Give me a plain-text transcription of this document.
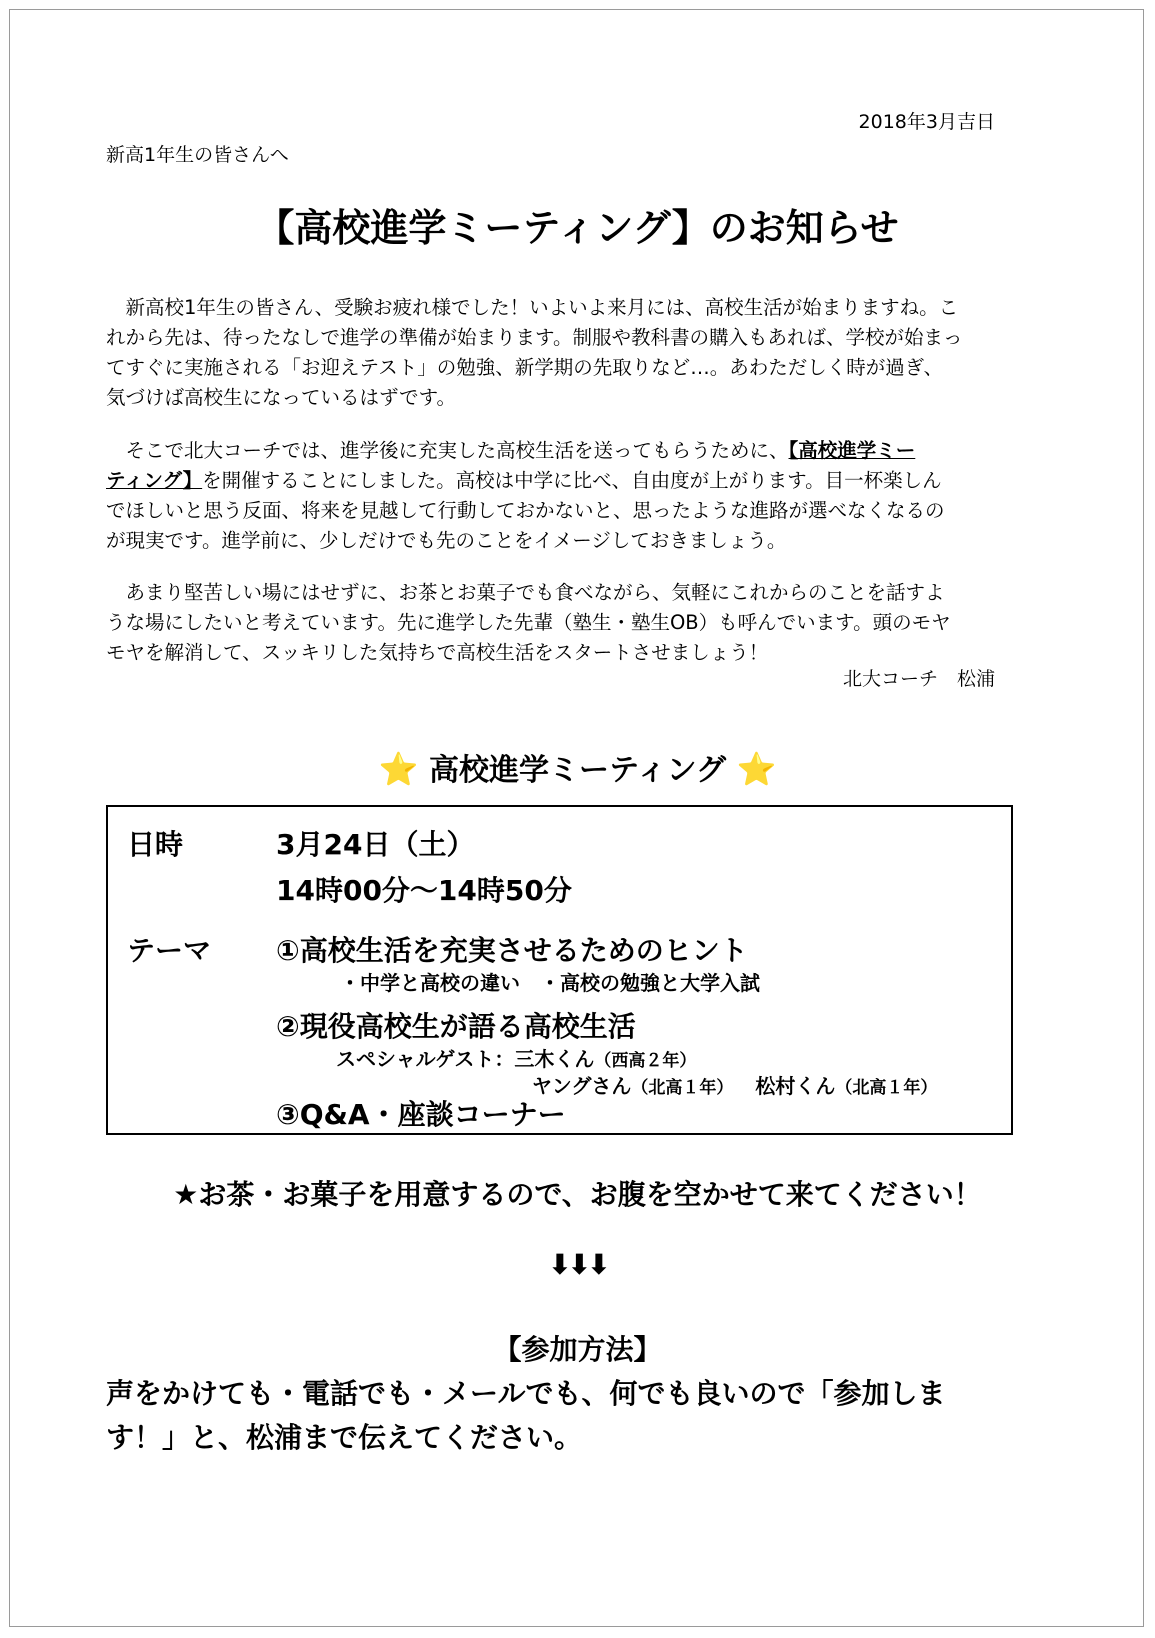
2018年3月吉日
新高1年生の皆さんへ
【高校進学ミーティング】のお知らせ
　新高校1年生の皆さん、受験お疲れ様でした！いよいよ来月には、高校生活が始まりますね。こ
れから先は、待ったなしで進学の準備が始まります。制服や教科書の購入もあれば、学校が始まっ
てすぐに実施される「お迎えテスト」の勉強、新学期の先取りなど…。あわただしく時が過ぎ、
気づけば高校生になっているはずです。
　そこで北大コーチでは、進学後に充実した高校生活を送ってもらうために、【高校進学ミー
ティング】を開催することにしました。高校は中学に比べ、自由度が上がります。目一杯楽しん
でほしいと思う反面、将来を見越して行動しておかないと、思ったような進路が選べなくなるの
が現実です。進学前に、少しだけでも先のことをイメージしておきましょう。
　あまり堅苦しい場にはせずに、お茶とお菓子でも食べながら、気軽にこれからのことを話すよ
うな場にしたいと考えています。先に進学した先輩（塾生・塾生OB）も呼んでいます。頭のモヤ
モヤを解消して、スッキリした気持ちで高校生活をスタートさせましょう！
北大コーチ　松浦
⭐ 高校進学ミーティング ⭐
日時	3月24日（土）
14時00分〜14時50分
テーマ ①高校生活を充実させるためのヒント
・中学と高校の違い　・高校の勉強と大学入試
②現役高校生が語る高校生活
スペシャルゲスト：三木くん（西高２年）
ヤングさん（北高１年） 松村くん（北高１年）
③Q&A・座談コーナー
★お茶・お菓子を用意するので、お腹を空かせて来てください！
⬇⬇⬇
【参加方法】
声をかけても・電話でも・メールでも、何でも良いので「参加しま
す！」と、松浦まで伝えてください。
